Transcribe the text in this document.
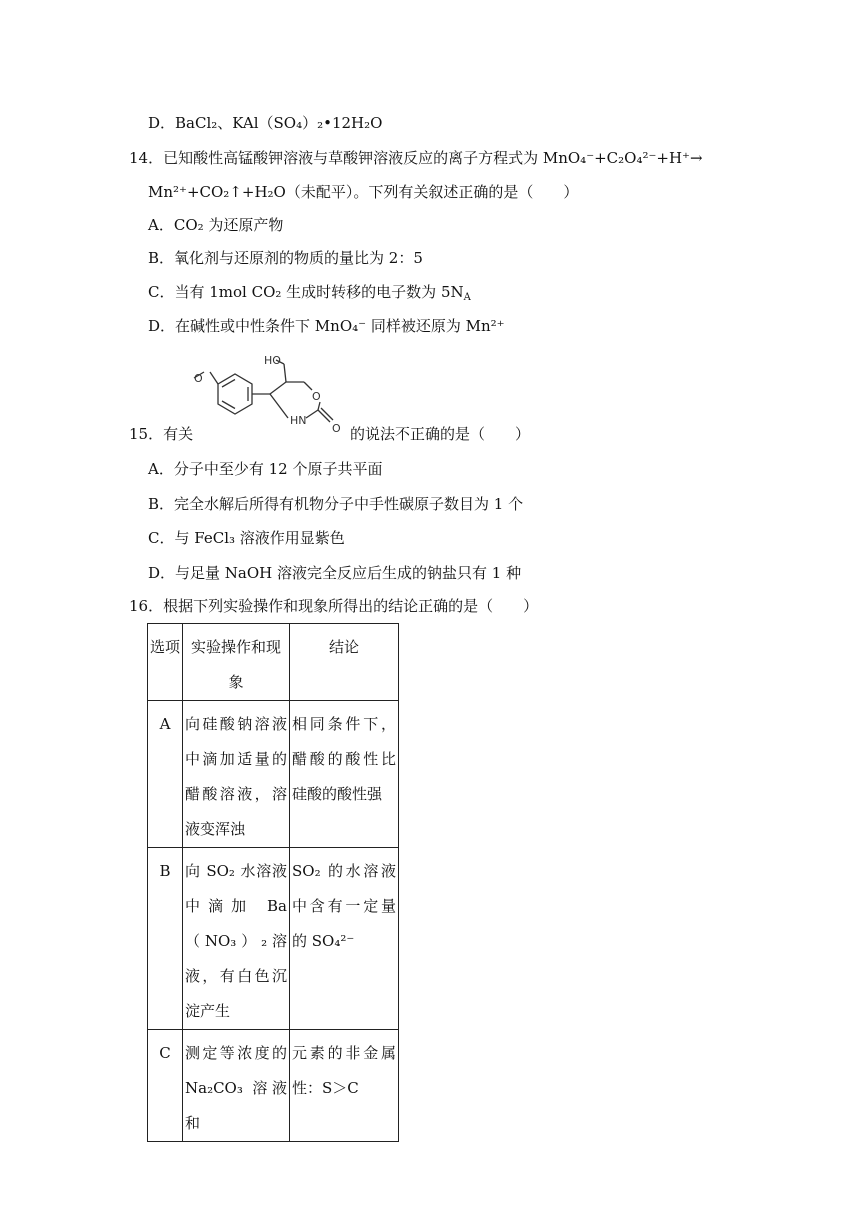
D．BaCl₂、KAl（SO₄）₂•12H₂O
14．已知酸性高锰酸钾溶液与草酸钾溶液反应的离子方程式为 MnO₄⁻+C₂O₄²⁻+H⁺→
Mn²⁺+CO₂↑+H₂O（未配平）。下列有关叙述正确的是（　　）
A．CO₂ 为还原产物
B．氧化剂与还原剂的物质的量比为 2：5
C．当有 1mol CO₂ 生成时转移的电子数为 $5N_A$
D．在碱性或中性条件下 MnO₄⁻ 同样被还原为 Mn²⁺
15．有关
O
HO
HN
O
O 的说法不正确的是（　　）
A．分子中至少有 12 个原子共平面
B．完全水解后所得有机物分子中手性碳原子数目为 1 个
C．与 FeCl₃ 溶液作用显紫色
D．与足量 NaOH 溶液完全反应后生成的钠盐只有 1 种
16．根据下列实验操作和现象所得出的结论正确的是（　　）
选项	实验操作和现象	结论
A	向硅酸钠溶液中滴加适量的醋酸溶液，溶液变浑浊	相同条件下，醋酸的酸性比硅酸的酸性强
B	向 SO₂ 水溶液中滴加 Ba（NO₃）₂溶液，有白色沉淀产生	SO₂ 的水溶液中含有一定量的 SO₄²⁻
C	测定等浓度的 Na₂CO₃ 溶液和	元素的非金属性：S＞C
